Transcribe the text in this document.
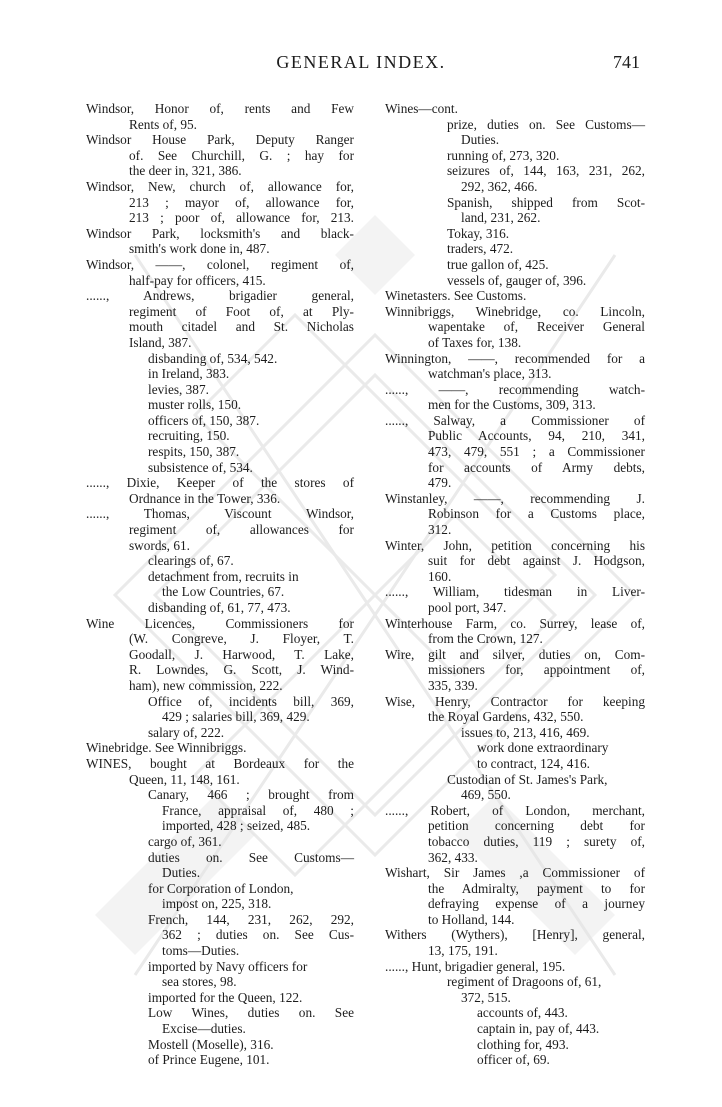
GENERAL INDEX.	741
Windsor, Honor of, rents and Few
Rents of, 95.
Windsor House Park, Deputy Ranger
of. See Churchill, G. ; hay for
the deer in, 321, 386.
Windsor, New, church of, allowance for,
213 ; mayor of, allowance for,
213 ; poor of, allowance for, 213.
Windsor Park, locksmith's and black-
smith's work done in, 487.
Windsor, ——, colonel, regiment of,
half-pay for officers, 415.
......, Andrews, brigadier general,
regiment of Foot of, at Ply-
mouth citadel and St. Nicholas
Island, 387.
disbanding of, 534, 542.
in Ireland, 383.
levies, 387.
muster rolls, 150.
officers of, 150, 387.
recruiting, 150.
respits, 150, 387.
subsistence of, 534.
......, Dixie, Keeper of the stores of
Ordnance in the Tower, 336.
......, Thomas, Viscount Windsor,
regiment of, allowances for
swords, 61.
clearings of, 67.
detachment from, recruits in
the Low Countries, 67.
disbanding of, 61, 77, 473.
Wine Licences, Commissioners for
(W. Congreve, J. Floyer, T.
Goodall, J. Harwood, T. Lake,
R. Lowndes, G. Scott, J. Wind-
ham), new commission, 222.
Office of, incidents bill, 369,
429 ; salaries bill, 369, 429.
salary of, 222.
Winebridge. See Winnibriggs.
WINES, bought at Bordeaux for the
Queen, 11, 148, 161.
Canary, 466 ; brought from
France, appraisal of, 480 ;
imported, 428 ; seized, 485.
cargo of, 361.
duties on. See Customs—
Duties.
for Corporation of London,
impost on, 225, 318.
French, 144, 231, 262, 292,
362 ; duties on. See Cus-
toms—Duties.
imported by Navy officers for
sea stores, 98.
imported for the Queen, 122.
Low Wines, duties on. See
Excise—duties.
Mostell (Moselle), 316.
of Prince Eugene, 101.
Wines—cont.
prize, duties on. See Customs—
Duties.
running of, 273, 320.
seizures of, 144, 163, 231, 262,
292, 362, 466.
Spanish, shipped from Scot-
land, 231, 262.
Tokay, 316.
traders, 472.
true gallon of, 425.
vessels of, gauger of, 396.
Winetasters. See Customs.
Winnibriggs, Winebridge, co. Lincoln,
wapentake of, Receiver General
of Taxes for, 138.
Winnington, ——, recommended for a
watchman's place, 313.
......, ——, recommending watch-
men for the Customs, 309, 313.
......, Salway, a Commissioner of
Public Accounts, 94, 210, 341,
473, 479, 551 ; a Commissioner
for accounts of Army debts,
479.
Winstanley, ——, recommending J.
Robinson for a Customs place,
312.
Winter, John, petition concerning his
suit for debt against J. Hodgson,
160.
......, William, tidesman in Liver-
pool port, 347.
Winterhouse Farm, co. Surrey, lease of,
from the Crown, 127.
Wire, gilt and silver, duties on, Com-
missioners for, appointment of,
335, 339.
Wise, Henry, Contractor for keeping
the Royal Gardens, 432, 550.
issues to, 213, 416, 469.
work done extraordinary
to contract, 124, 416.
Custodian of St. James's Park,
469, 550.
......, Robert, of London, merchant,
petition concerning debt for
tobacco duties, 119 ; surety of,
362, 433.
Wishart, Sir James ,a Commissioner of
the Admiralty, payment to for
defraying expense of a journey
to Holland, 144.
Withers (Wythers), [Henry], general,
13, 175, 191.
......, Hunt, brigadier general, 195.
regiment of Dragoons of, 61,
372, 515.
accounts of, 443.
captain in, pay of, 443.
clothing for, 493.
officer of, 69.
